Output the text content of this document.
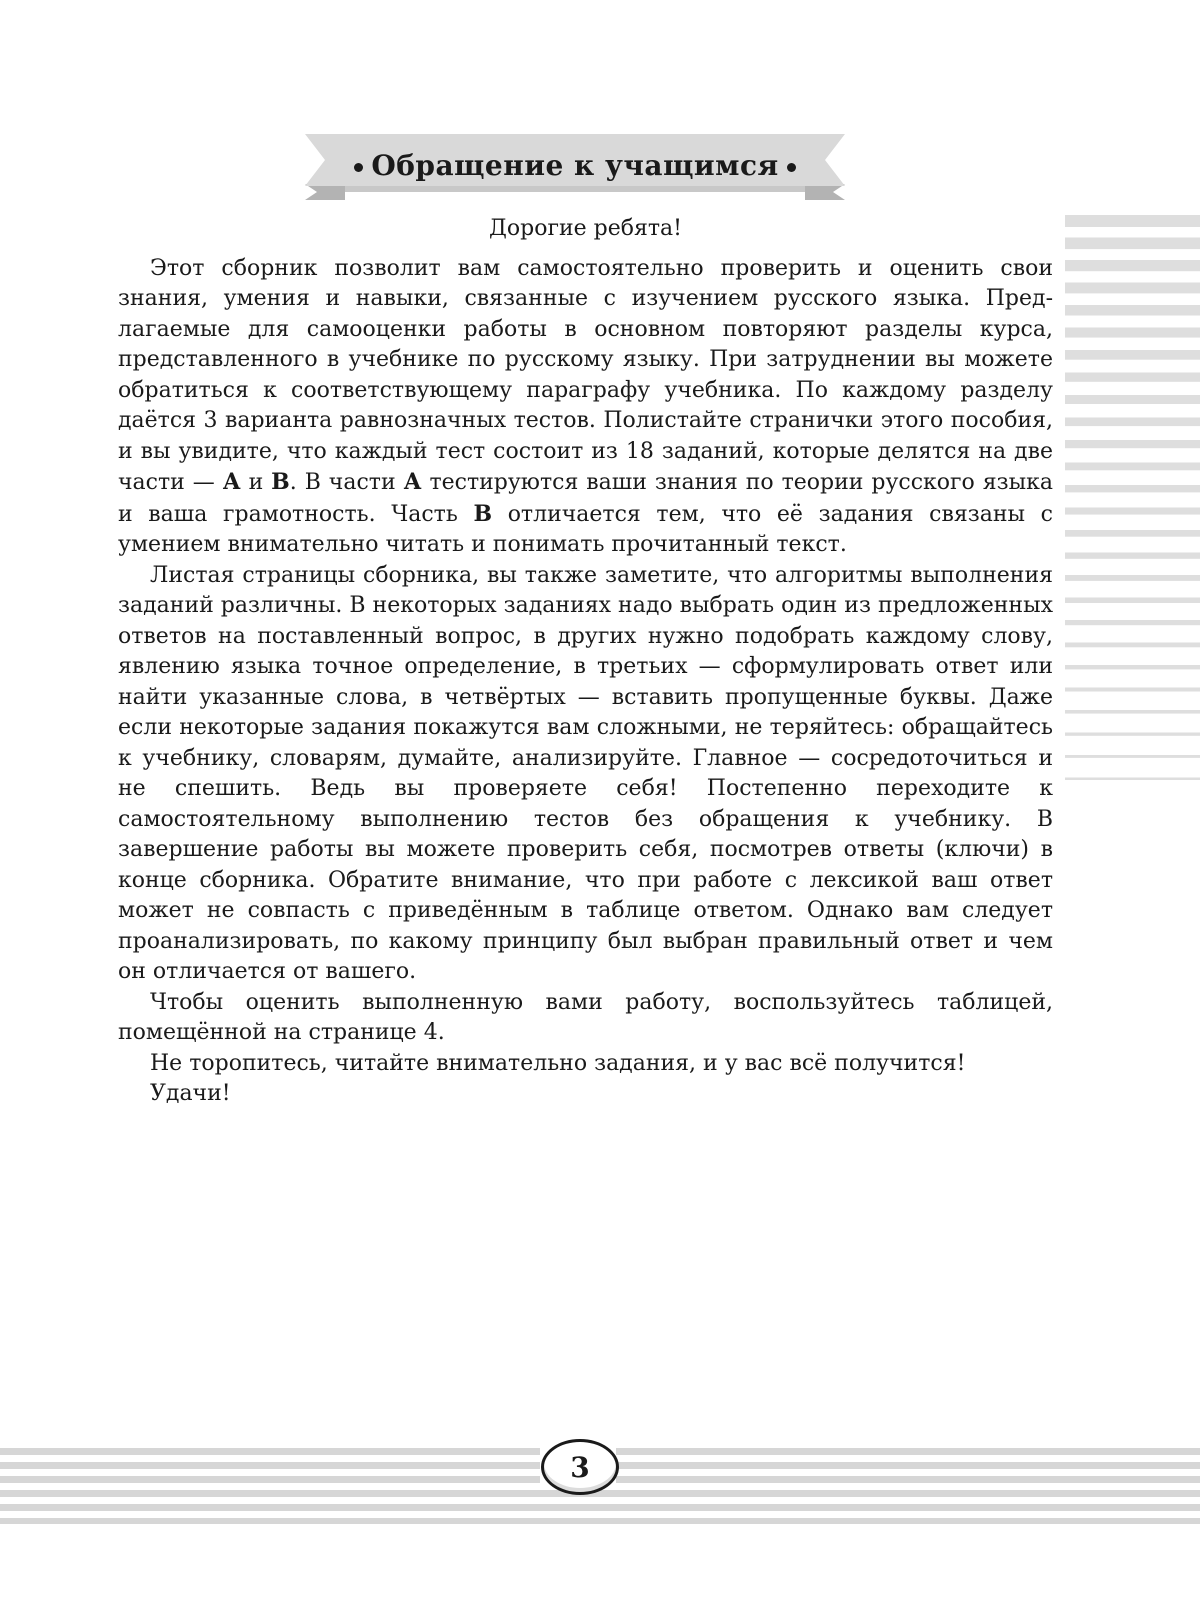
Обращение к учащимся

Дорогие ребята!

Этот сборник позволит вам самостоятельно проверить и оценить свои знания, умения и навыки, связанные с изучением русского языка. Предлагаемые для самооценки работы в основном повторяют разделы курса, представленного в учебнике по русскому языку. При затруднении вы можете обратиться к соответствующему параграфу учебника. По каждому разделу даётся 3 варианта равнозначных тестов. Полистайте странички этого пособия, и вы увидите, что каждый тест состоит из 18 заданий, которые делятся на две части — А и В. В части А тестируются ваши знания по теории русского языка и ваша грамотность. Часть В отличается тем, что её задания связаны с умением внимательно читать и понимать прочитанный текст.

Листая страницы сборника, вы также заметите, что алгоритмы выполнения заданий различны. В некоторых заданиях надо выбрать один из предложенных ответов на поставленный вопрос, в других нужно подобрать каждому слову, явлению языка точное определение, в третьих — сформулировать ответ или найти указанные слова, в четвёртых — вставить пропущенные буквы. Даже если некоторые задания покажутся вам сложными, не теряйтесь: обращайтесь к учебнику, словарям, думайте, анализируйте. Главное — сосредоточиться и не спешить. Ведь вы проверяете себя! Постепенно переходите к самостоятельному выполнению тестов без обращения к учебнику. В завершение работы вы можете проверить себя, посмотрев ответы (ключи) в конце сборника. Обратите внимание, что при работе с лексикой ваш ответ может не совпасть с приведённым в таблице ответом. Однако вам следует проанализировать, по какому принципу был выбран правильный ответ и чем он отличается от вашего.

Чтобы оценить выполненную вами работу, воспользуйтесь таблицей, помещённой на странице 4.

Не торопитесь, читайте внимательно задания, и у вас всё получится!

Удачи!

3
